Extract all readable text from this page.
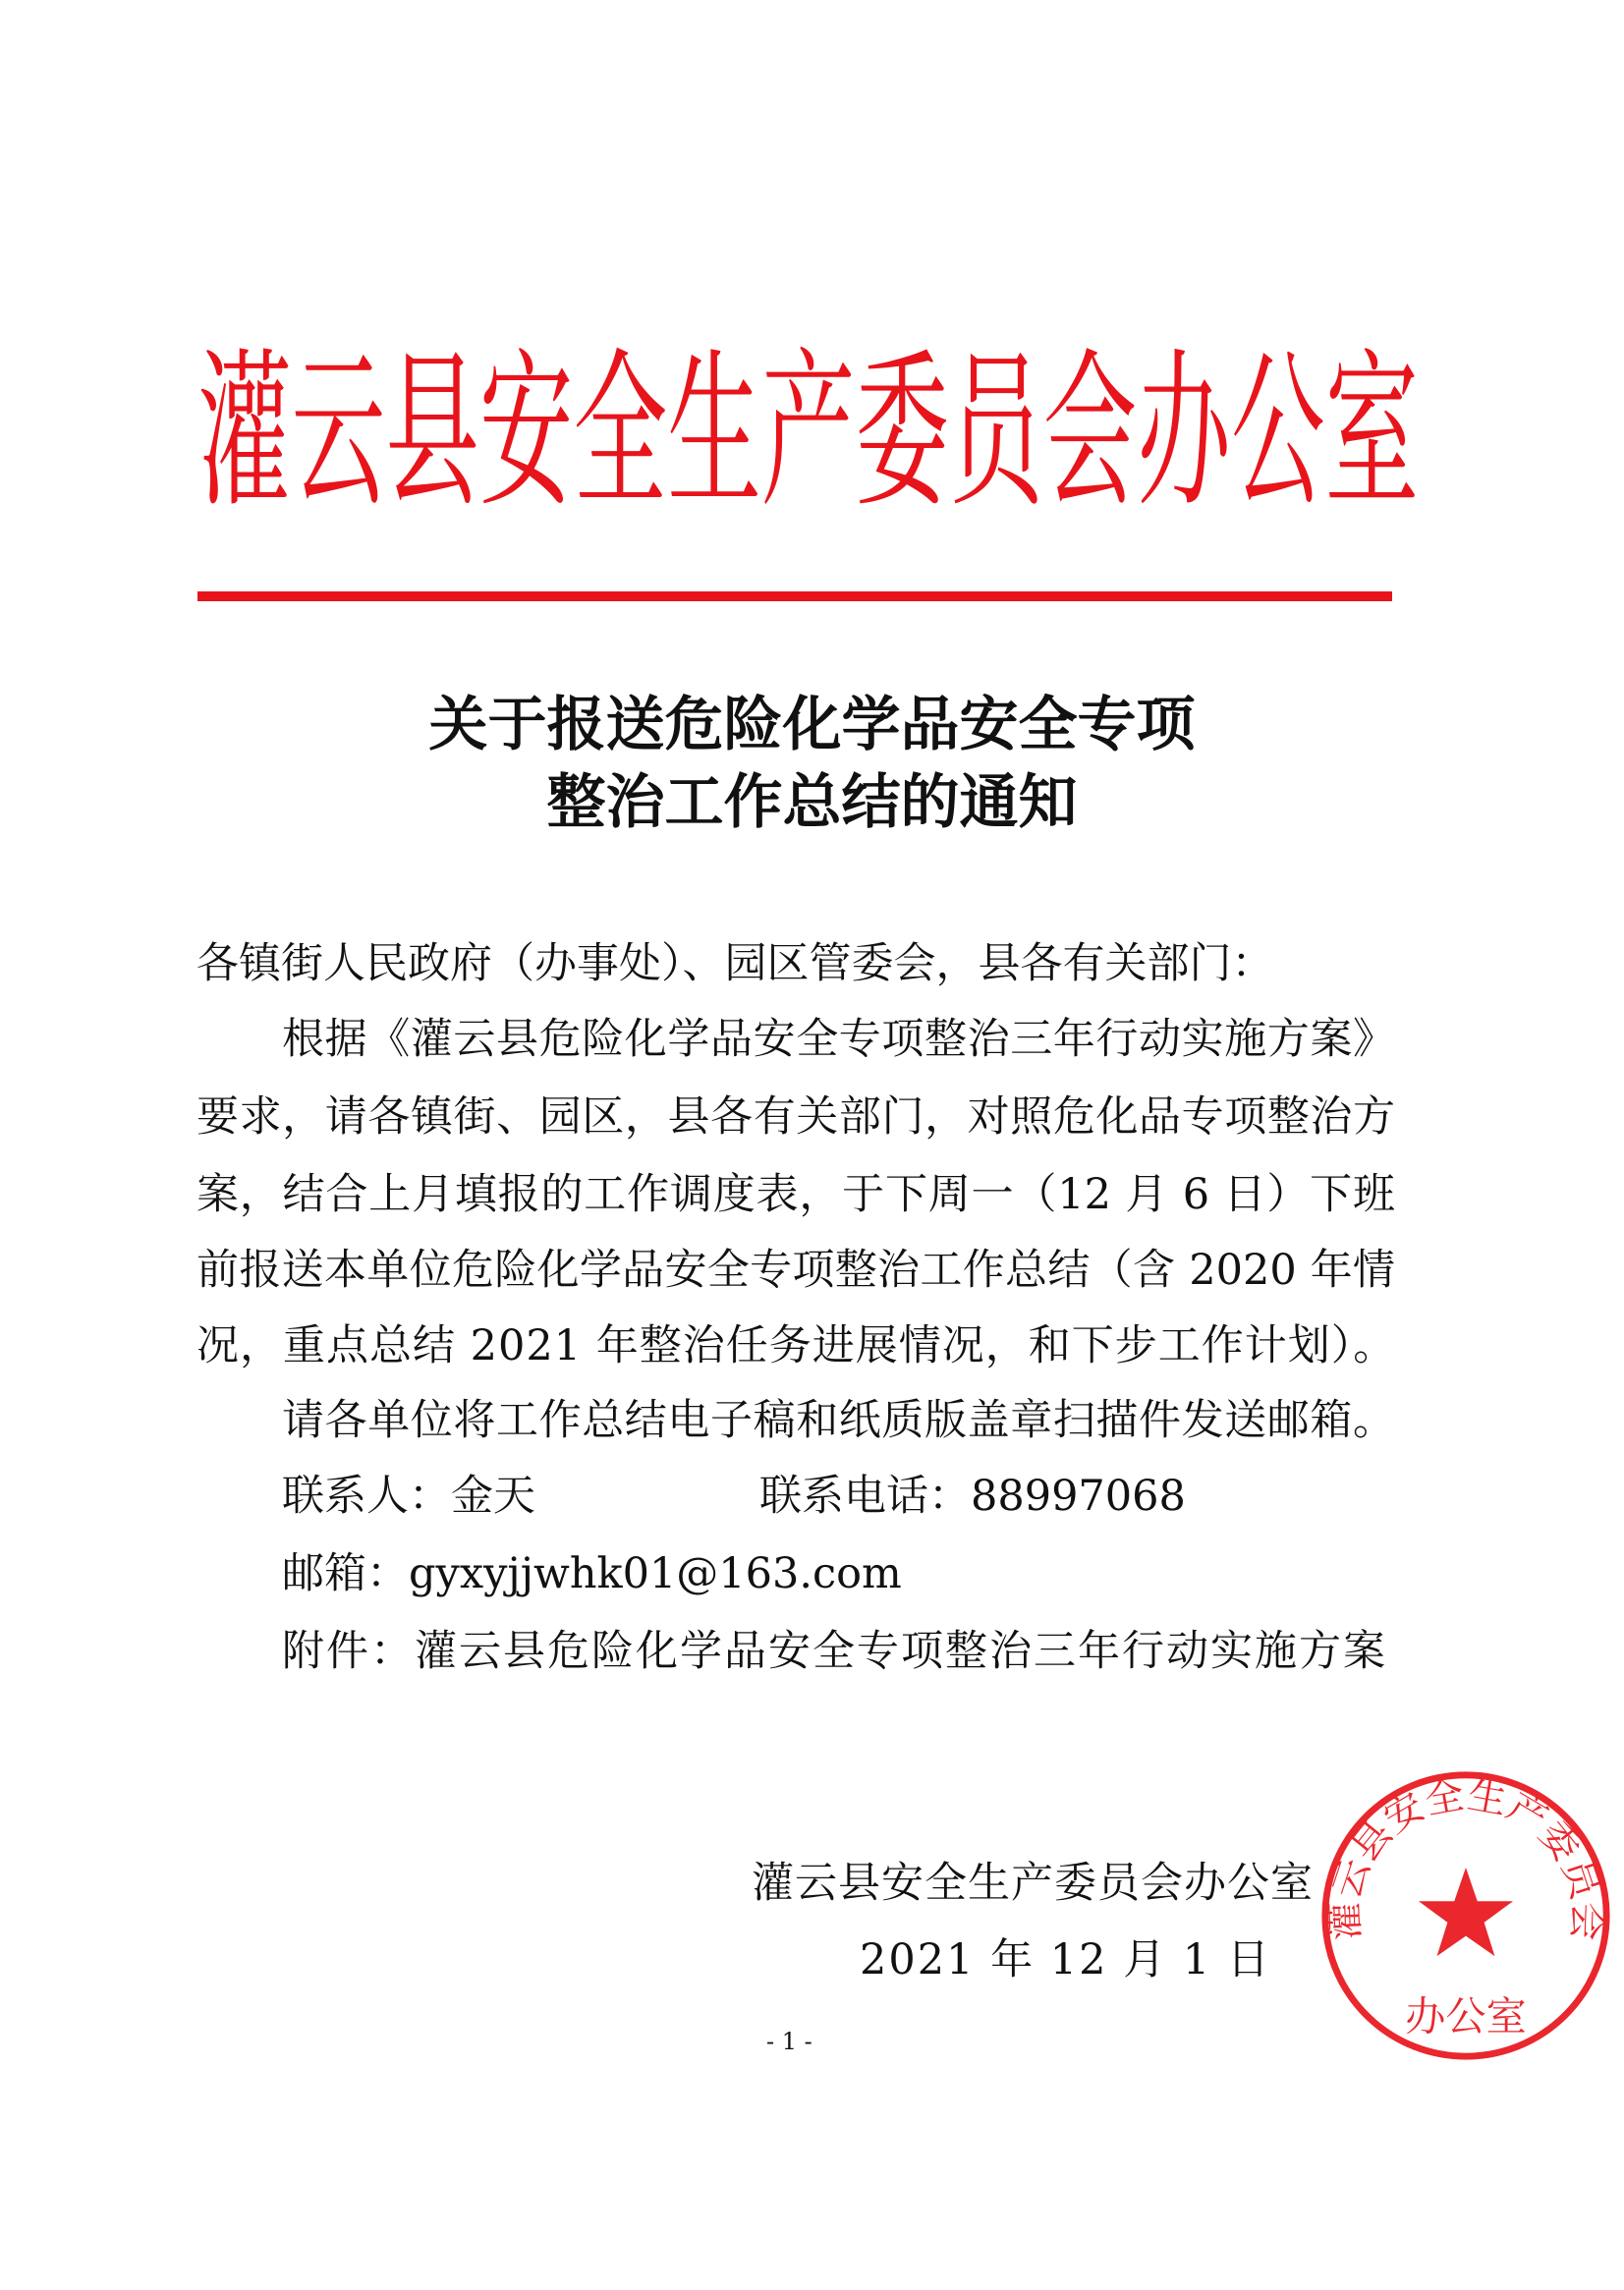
灌云县安全生产委员会办公室
关于报送危险化学品安全专项
整治工作总结的通知
各镇街人民政府（办事处）、园区管委会，县各有关部门：
根据《灌云县危险化学品安全专项整治三年行动实施方案》
要求，请各镇街、园区，县各有关部门，对照危化品专项整治方
案，结合上月填报的工作调度表，于下周一（12 月 6 日）下班
前报送本单位危险化学品安全专项整治工作总结（含 2020 年情
况，重点总结 2021 年整治任务进展情况，和下步工作计划）。
请各单位将工作总结电子稿和纸质版盖章扫描件发送邮箱。
联系人：金天	联系电话：88997068
邮箱：gyxyjjwhk01@163.com
附件：灌云县危险化学品安全专项整治三年行动实施方案
灌云县安全生产委员会办公室
2021 年 12 月 1 日
灌云县安全生产委员会
办公室
- 1 -
